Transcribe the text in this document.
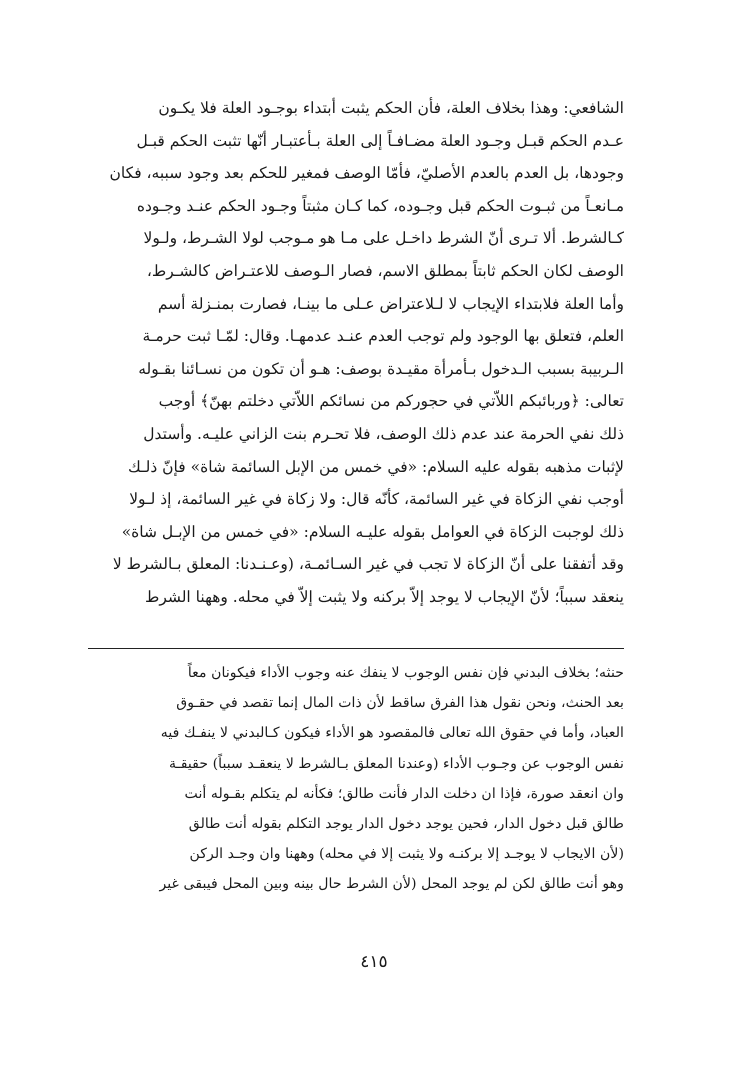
الشافعي: وهذا بخلاف العلة، فأن الحكم يثبت أبتداء بوجـود العلة فلا يكـون
عـدم الحكم قبـل وجـود العلة مضـافـاً إلى العلة بـأعتبـار أنّها تثبت الحكم قبـل
وجودها، بل العدم بالعدم الأصليّ، فأمّا الوصف فمغير للحكم بعد وجود سببه، فكان
مـانعـاً من ثبـوت الحكم قبل وجـوده، كما كـان مثبتاً وجـود الحكم عنـد وجـوده
كـالشرط. ألا تـرى أنّ الشرط داخـل على مـا هو مـوجب لولا الشـرط، ولـولا
الوصف لكان الحكم ثابتاً بمطلق الاسم، فصار الـوصف للاعتـراض كالشـرط،
وأما العلة فلابتداء الإيجاب لا لـلاعتراض عـلى ما بينـا، فصارت بمنـزلة أسم
العلم، فتعلق بها الوجود ولم توجب العدم عنـد عدمهـا. وقال: لمّـا ثبت حرمـة
الـربيبة بسبب الـدخول بـأمرأة مقيـدة بوصف: هـو أن تكون من نسـائنا بقـوله
تعالى: ﴿وربائبكم اللاّتي في حجوركم من نسائكم اللاّتي دخلتم بهنّ﴾ أوجب
ذلك نفي الحرمة عند عدم ذلك الوصف، فلا تحـرم بنت الزاني عليـه. وأستدل
لإثبات مذهبه بقوله عليه السلام: «في خمس من الإبل السائمة شاة» فإنّ ذلـك
أوجب نفي الزكاة في غير السائمة، كأنّه قال: ولا زكاة في غير السائمة، إذ لـولا
ذلك لوجبت الزكاة في العوامل بقوله عليـه السلام: «في خمس من الإبـل شاة»
وقد أتفقنا على أنّ الزكاة لا تجب في غير السـائمـة، (وعـنـدنا: المعلق بـالشرط لا
ينعقد سبباً؛ لأنّ الإيجاب لا يوجد إلاّ بركنه ولا يثبت إلاّ في محله. وههنا الشرط
حنثه؛ بخلاف البدني فإن نفس الوجوب لا ينفك عنه وجوب الأداء فيكونان معاً
بعد الحنث، ونحن نقول هذا الفرق ساقط لأن ذات المال إنما تقصد في حقـوق
العباد، وأما في حقوق الله تعالى فالمقصود هو الأداء فيكون كـالبدني لا ينفـك فيه
نفس الوجوب عن وجـوب الأداء (وعندنا المعلق بـالشرط لا ينعقـد سبباً) حقيقـة
وان انعقد صورة، فإذا ان دخلت الدار فأنت طالق؛ فكأنه لم يتكلم بقـوله أنت
طالق قبل دخول الدار، فحين يوجد دخول الدار يوجد التكلم بقوله أنت طالق
(لأن الايجاب لا يوجـد إلا بركنـه ولا يثبت إلا في محله) وههنا وان وجـد الركن
وهو أنت طالق لكن لم يوجد المحل (لأن الشرط حال بينه وبين المحل فيبقى غير
٤١٥
